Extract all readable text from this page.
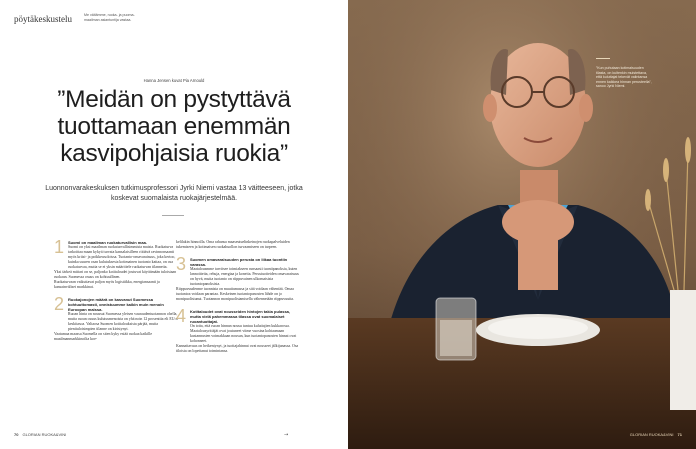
pöytäkeskustelu	Me väitämme, ruoka- ja puoma-maailman asiantuntija vastaa.
Hanna Jensen kuvat Pia Arnould
”Meidän on pystyttävä tuottamaan enemmän kasvipohjaisia ruokia”
Luonnonvarakeskuksen tutkimusprofessori Jyrki Niemi vastaa 13 väitteeseen, jotka koskevat suomalaista ruokajärjestelmää.
1 Suomi on maailman ruokaturvallisin maa.

Suomi on yksi maailman ruokaturvallisimmista maista. Ruokaturva tarkoittaa maan kykyä turvata kansalaisilleen riittävä ravinnonsaanti myös kriisi- ja poikkeusoloissa. Tuotanto-omavaraisuus, joka kertoo, kuinka suuren osan kulutuksesta kotimainen tuotanto kattaa, on osa ruokaturvaa, mutta se ei yksin määrittele ruokaturvan tilannetta.

Yksi tärkeä mittari on se, paljonko kotitaloudet joutuvat käyttämään tuloistaan ruokaan. Suomessa osuus on kohtuullinen.

Ruokaturvaan vaikuttavat paljon myös logistiikka, energiansaanti ja kansainväliset markkinat.

2 Ruokajonojen määrä on kasvanut Suomessa kohtuuttomasti, onnistuumme kaikin muin menoin Euroopan maissa.

Ruoan hinta on noussut Suomessa yleisen vauraudentuotannon ohella, mutta ruoan osuus kulutusmenoista on yhä noin 12 prosenttia eli EU:n keskitasoa. Valtaosa Suomen kotitalouksista pärjää, mutta pienituloisimpien tilanne on kiristynyt.

Vaatumaa maassa Suomella on siten kyky estää ruokaa kaikille maailmanmarkkinoilta koe-

kelilakin hinnoilla. Oma rahansa maaseutuelinkeinojen ruokapalveluiden tukemiseen ja kotimaisen ruokahuollon turvaamiseen on tarpeen.

3 Suomen omavaraisuuden perusta on liikaa tuontiin varassa.

Maatalousmme tarvitsee toimiakseen runsaasti tuontipanoksia, kuten lannoitteita, rehuja, energiaa ja koneita. Perustuotteiden omavaraisuus on hyvä, mutta tuotanto on riippuvainen ulkomaisista tuotantopanoksista.

Riippuvuudenme tuonnista on muuttumassa ja sitä voidaan vähentää. Omaa tuotantoa voidaan parantaa. Keskeinen tuotantopanosten lähde on jo monipuolistunut. Tuotannon monipuolistamisella vähennetään riippuvuutta.

4 Kotitaloudet ovat nousseiden hintojen takia pulassa, mutta vielä pahemmassa tilassa ovat suomalaiset ruoantuottajat.

On totta, että ruoan hinnan nousu tuntuu kuluttajien kukkarossa. Maatalousyrittäjät ovat joutuneet viime vuosina kohtaamaan kustannusten voimakkaan nousun, kun tuotantopanosten hinnat ovat kohonneet.

Kannattavuus on heikentynyt, ja tuottajahinnat ovat nousseet jälkijunassa. Osa tiloista on lopettanut toimintansa.

70 GLORIAN RUOKA&VINI	→
”Kun puhutaan kotimaisuuden tilasta, on kuitenkin muistettava, että kuluttajat tekevät valintansa ennen kaikkea hinnan perusteella”, sanoo Jyrki Niemi.
GLORIAN RUOKA&VINI 71
